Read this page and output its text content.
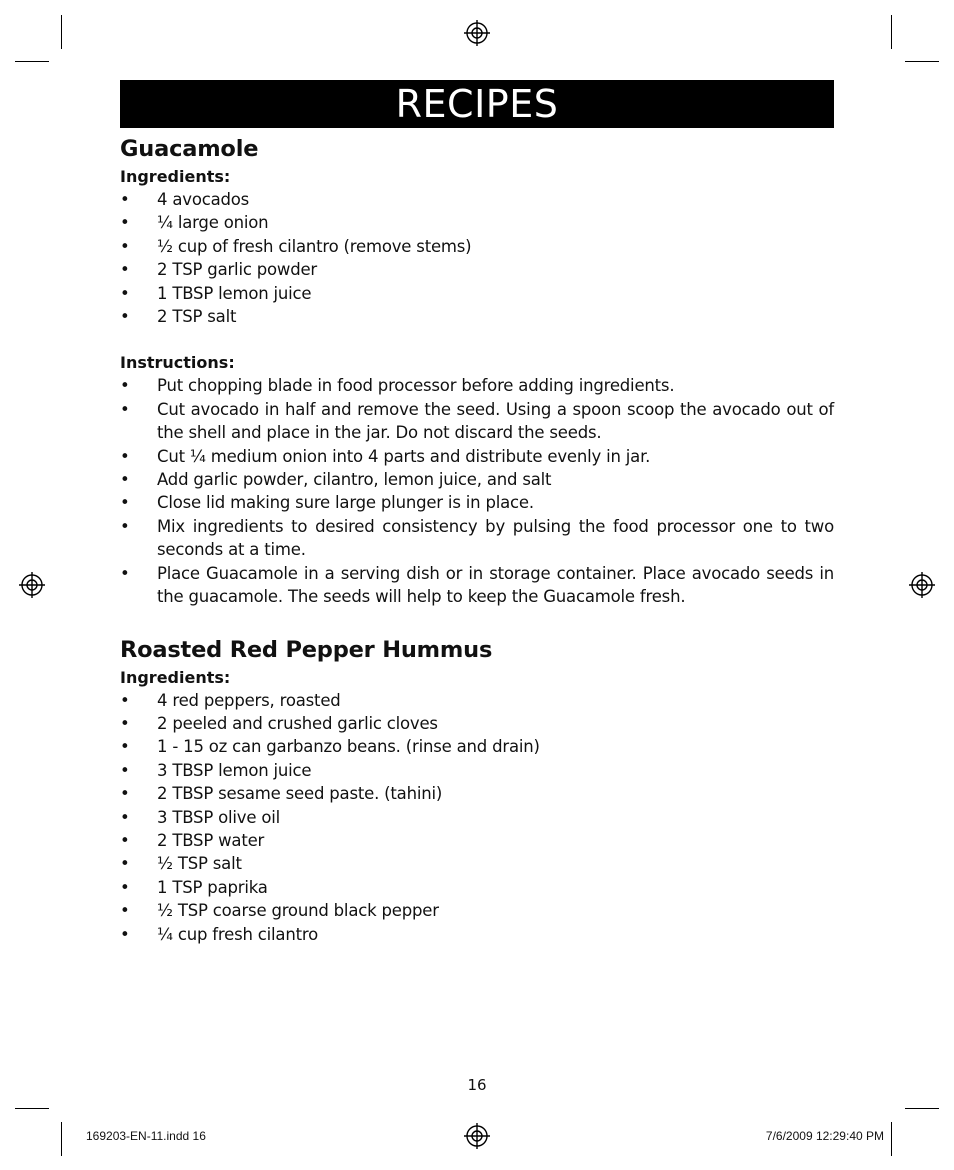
RECIPES
Guacamole
Ingredients:
• 4 avocados
• ¼ large onion
• ½ cup of fresh cilantro (remove stems)
• 2 TSP garlic powder
• 1 TBSP lemon juice
• 2 TSP salt
Instructions:
• Put chopping blade in food processor before adding ingredients.
• Cut avocado in half and remove the seed. Using a spoon scoop the avocado out of the shell and place in the jar. Do not discard the seeds.
• Cut ¼ medium onion into 4 parts and distribute evenly in jar.
• Add garlic powder, cilantro, lemon juice, and salt
• Close lid making sure large plunger is in place.
• Mix ingredients to desired consistency by pulsing the food processor one to two seconds at a time.
• Place Guacamole in a serving dish or in storage container. Place avocado seeds in the guacamole. The seeds will help to keep the Guacamole fresh.
Roasted Red Pepper Hummus
Ingredients:
• 4 red peppers, roasted
• 2 peeled and crushed garlic cloves
• 1 - 15 oz can garbanzo beans. (rinse and drain)
• 3 TBSP lemon juice
• 2 TBSP sesame seed paste. (tahini)
• 3 TBSP olive oil
• 2 TBSP water
• ½ TSP salt
• 1 TSP paprika
• ½ TSP coarse ground black pepper
• ¼ cup fresh cilantro
16
169203-EN-11.indd 16	7/6/2009 12:29:40 PM
